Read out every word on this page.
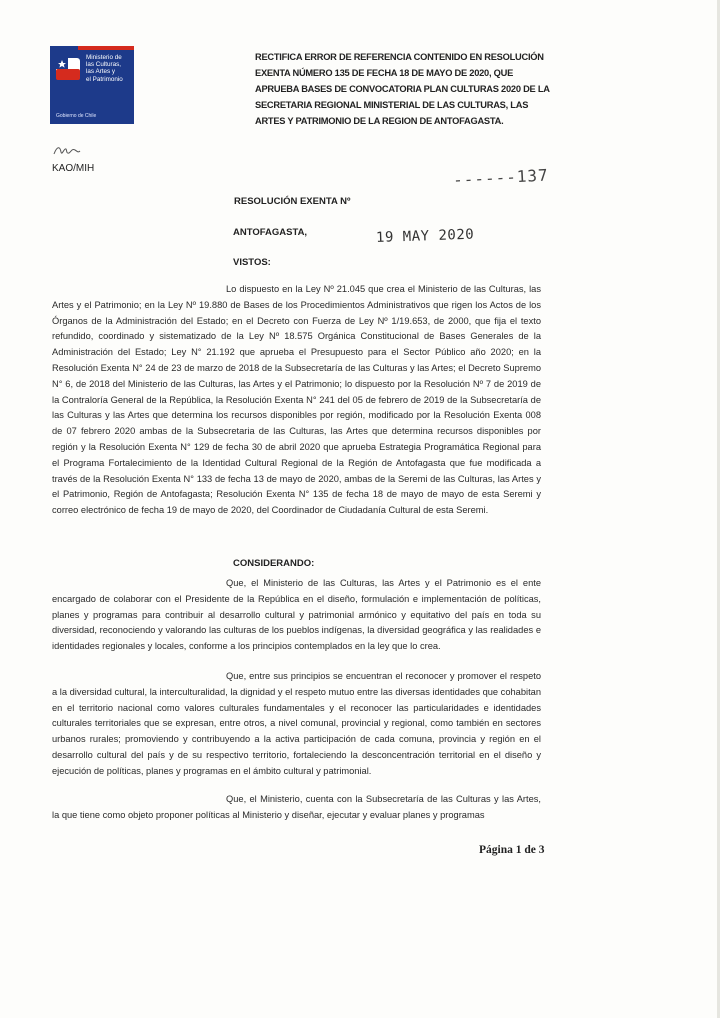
Ministerio de
las Culturas,
las Artes y
el Patrimonio
Gobierno de Chile
KAO/MIH
RECTIFICA ERROR DE REFERENCIA CONTENIDO EN RESOLUCIÓN EXENTA NÚMERO 135 DE FECHA 18 DE MAYO DE 2020, QUE APRUEBA BASES DE CONVOCATORIA PLAN CULTURAS 2020 DE LA SECRETARIA REGIONAL MINISTERIAL DE LAS CULTURAS, LAS ARTES Y PATRIMONIO DE LA REGION DE ANTOFAGASTA.
------137
RESOLUCIÓN EXENTA Nº
ANTOFAGASTA,	19 MAY 2020
VISTOS:

Lo dispuesto en la Ley Nº 21.045 que crea el Ministerio de las Culturas, las Artes y el Patrimonio; en la Ley Nº 19.880 de Bases de los Procedimientos Administrativos que rigen los Actos de los Órganos de la Administración del Estado; en el Decreto con Fuerza de Ley Nº 1/19.653, de 2000, que fija el texto refundido, coordinado y sistematizado de la Ley Nº 18.575 Orgánica Constitucional de Bases Generales de la Administración del Estado; Ley N° 21.192 que aprueba el Presupuesto para el Sector Público año 2020; en la Resolución Exenta N° 24 de 23 de marzo de 2018 de la Subsecretaría de las Culturas y las Artes; el Decreto Supremo N° 6, de 2018 del Ministerio de las Culturas, las Artes y el Patrimonio; lo dispuesto por la Resolución Nº 7 de 2019 de la Contraloría General de la República, la Resolución Exenta N° 241 del 05 de febrero de 2019 de la Subsecretaría de las Culturas y las Artes que determina los recursos disponibles por región, modificado por la Resolución Exenta 008 de 07 febrero 2020 ambas de la Subsecretaria de las Culturas, las Artes que determina recursos disponibles por región y la Resolución Exenta N° 129 de fecha 30 de abril 2020 que aprueba Estrategia Programática Regional para el Programa Fortalecimiento de la Identidad Cultural Regional de la Región de Antofagasta que fue modificada a través de la Resolución Exenta N° 133 de fecha 13 de mayo de 2020, ambas de la Seremi de las Culturas, las Artes y el Patrimonio, Región de Antofagasta; Resolución Exenta N° 135 de fecha 18 de mayo de mayo de esta Seremi y correo electrónico de fecha 19 de mayo de 2020, del Coordinador de Ciudadanía Cultural de esta Seremi.

CONSIDERANDO:

Que, el Ministerio de las Culturas, las Artes y el Patrimonio es el ente encargado de colaborar con el Presidente de la República en el diseño, formulación e implementación de políticas, planes y programas para contribuir al desarrollo cultural y patrimonial armónico y equitativo del país en toda su diversidad, reconociendo y valorando las culturas de los pueblos indígenas, la diversidad geográfica y las realidades e identidades regionales y locales, conforme a los principios contemplados en la ley que lo crea.

Que, entre sus principios se encuentran el reconocer y promover el respeto a la diversidad cultural, la interculturalidad, la dignidad y el respeto mutuo entre las diversas identidades que cohabitan en el territorio nacional como valores culturales fundamentales y el reconocer las particularidades e identidades culturales territoriales que se expresan, entre otros, a nivel comunal, provincial y regional, como también en sectores urbanos rurales; promoviendo y contribuyendo a la activa participación de cada comuna, provincia y región en el desarrollo cultural del país y de su respectivo territorio, fortaleciendo la desconcentración territorial en el diseño y ejecución de políticas, planes y programas en el ámbito cultural y patrimonial.

Que, el Ministerio, cuenta con la Subsecretaría de las Culturas y las Artes, la que tiene como objeto proponer políticas al Ministerio y diseñar, ejecutar y evaluar planes y programas

Página 1 de 3
